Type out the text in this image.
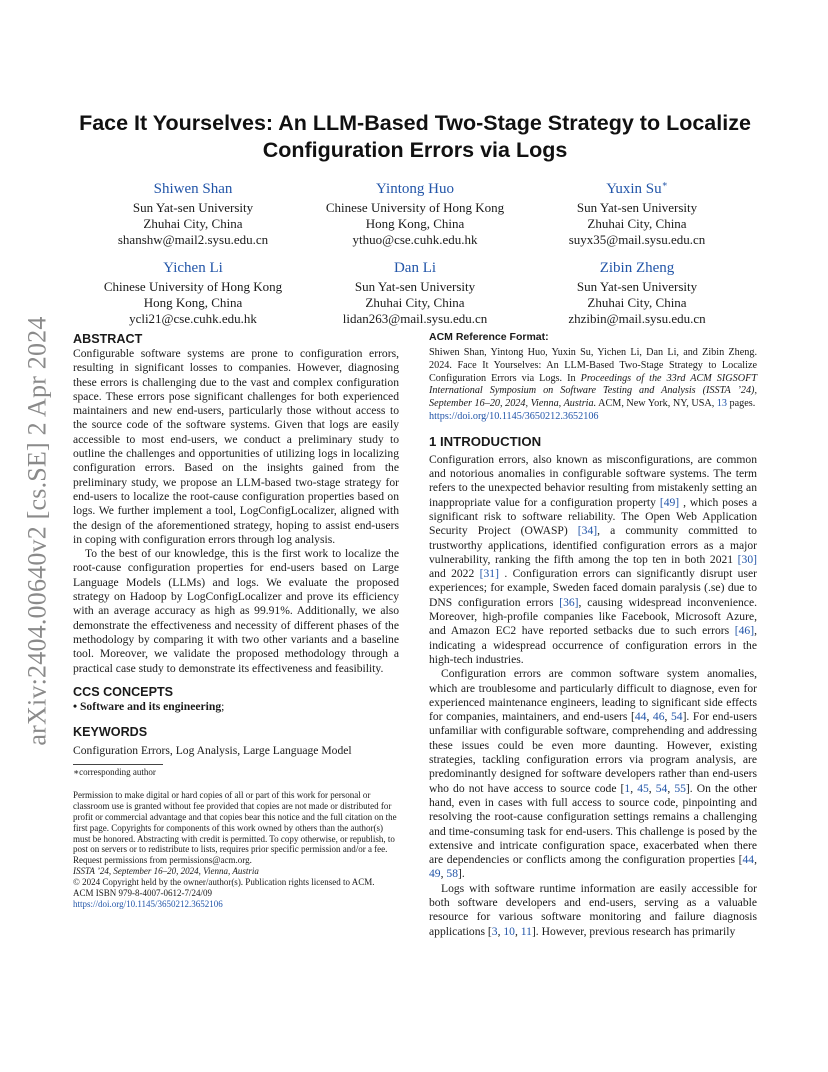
arXiv:2404.00640v2 [cs.SE] 2 Apr 2024
Face It Yourselves: An LLM-Based Two-Stage Strategy to Localize
Configuration Errors via Logs
Shiwen Shan
Sun Yat-sen University
Zhuhai City, China
shanshw@mail2.sysu.edu.cn
Yintong Huo
Chinese University of Hong Kong
Hong Kong, China
ythuo@cse.cuhk.edu.hk
Yuxin Su∗
Sun Yat-sen University
Zhuhai City, China
suyx35@mail.sysu.edu.cn
Yichen Li
Chinese University of Hong Kong
Hong Kong, China
ycli21@cse.cuhk.edu.hk
Dan Li
Sun Yat-sen University
Zhuhai City, China
lidan263@mail.sysu.edu.cn
Zibin Zheng
Sun Yat-sen University
Zhuhai City, China
zhzibin@mail.sysu.edu.cn
ABSTRACT

Configurable software systems are prone to configuration errors, resulting in significant losses to companies. However, diagnosing these errors is challenging due to the vast and complex configuration space. These errors pose significant challenges for both experienced maintainers and new end-users, particularly those without access to the source code of the software systems. Given that logs are easily accessible to most end-users, we conduct a preliminary study to outline the challenges and opportunities of utilizing logs in localizing configuration errors. Based on the insights gained from the preliminary study, we propose an LLM-based two-stage strategy for end-users to localize the root-cause configuration properties based on logs. We further implement a tool, LogConfigLocalizer, aligned with the design of the aforementioned strategy, hoping to assist end-users in coping with configuration errors through log analysis.

To the best of our knowledge, this is the first work to localize the root-cause configuration properties for end-users based on Large Language Models (LLMs) and logs. We evaluate the proposed strategy on Hadoop by LogConfigLocalizer and prove its efficiency with an average accuracy as high as 99.91%. Additionally, we also demonstrate the effectiveness and necessity of different phases of the methodology by comparing it with two other variants and a baseline tool. Moreover, we validate the proposed methodology through a practical case study to demonstrate its effectiveness and feasibility.

CCS CONCEPTS
• Software and its engineering;
KEYWORDS
Configuration Errors, Log Analysis, Large Language Model
∗corresponding author
Permission to make digital or hard copies of all or part of this work for personal or classroom use is granted without fee provided that copies are not made or distributed for profit or commercial advantage and that copies bear this notice and the full citation on the first page. Copyrights for components of this work owned by others than the author(s) must be honored. Abstracting with credit is permitted. To copy otherwise, or republish, to post on servers or to redistribute to lists, requires prior specific permission and/or a fee. Request permissions from permissions@acm.org.
ISSTA ’24, September 16–20, 2024, Vienna, Austria
© 2024 Copyright held by the owner/author(s). Publication rights licensed to ACM.
ACM ISBN 979-8-4007-0612-7/24/09
https://doi.org/10.1145/3650212.3652106
ACM Reference Format:
Shiwen Shan, Yintong Huo, Yuxin Su, Yichen Li, Dan Li, and Zibin Zheng. 2024. Face It Yourselves: An LLM-Based Two-Stage Strategy to Localize Configuration Errors via Logs. In Proceedings of the 33rd ACM SIGSOFT International Symposium on Software Testing and Analysis (ISSTA ’24), September 16–20, 2024, Vienna, Austria. ACM, New York, NY, USA, 13 pages.
https://doi.org/10.1145/3650212.3652106
1 INTRODUCTION

Configuration errors, also known as misconfigurations, are common and notorious anomalies in configurable software systems. The term refers to the unexpected behavior resulting from mistakenly setting an inappropriate value for a configuration property [49] , which poses a significant risk to software reliability. The Open Web Application Security Project (OWASP) [34], a community committed to trustworthy applications, identified configuration errors as a major vulnerability, ranking the fifth among the top ten in both 2021 [30] and 2022 [31] . Configuration errors can significantly disrupt user experiences; for example, Sweden faced domain paralysis (.se) due to DNS configuration errors [36], causing widespread inconvenience. Moreover, high-profile companies like Facebook, Microsoft Azure, and Amazon EC2 have reported setbacks due to such errors [46], indicating a widespread occurrence of configuration errors in the high-tech industries.

Configuration errors are common software system anomalies, which are troublesome and particularly difficult to diagnose, even for experienced maintenance engineers, leading to significant side effects for companies, maintainers, and end-users [44, 46, 54]. For end-users unfamiliar with configurable software, comprehending and addressing these issues could be even more daunting. However, existing strategies, tackling configuration errors via program analysis, are predominantly designed for software developers rather than end-users who do not have access to source code [1, 45, 54, 55]. On the other hand, even in cases with full access to source code, pinpointing and resolving the root-cause configuration settings remains a challenging and time-consuming task for end-users. This challenge is posed by the extensive and intricate configuration space, exacerbated when there are dependencies or conflicts among the configuration properties [44, 49, 58].

Logs with software runtime information are easily accessible for both software developers and end-users, serving as a valuable resource for various software monitoring and failure diagnosis applications [3, 10, 11]. However, previous research has primarily
